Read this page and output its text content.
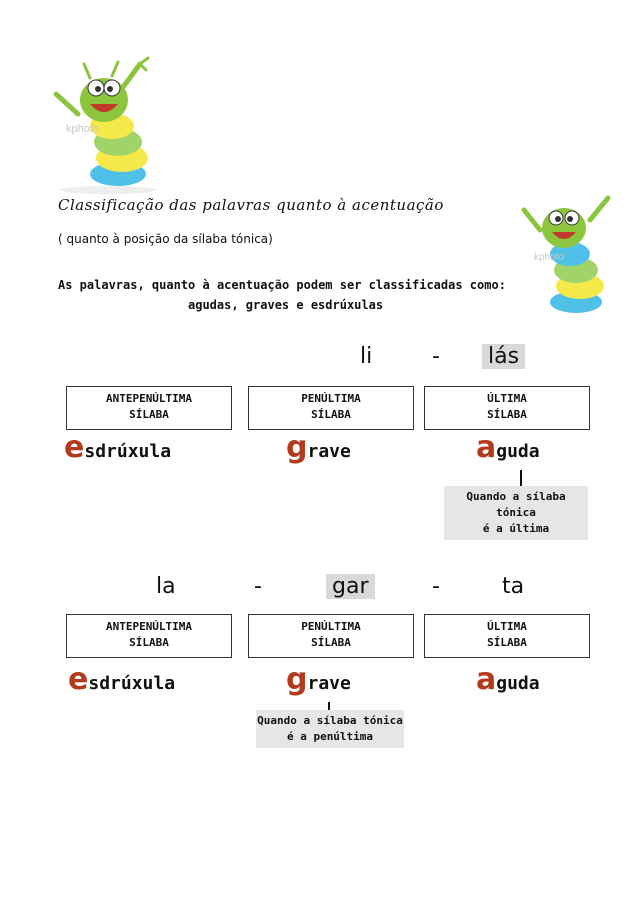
kphoto
kphoto
Classificação das palavras quanto à acentuação
( quanto à posição da sílaba tónica)
As palavras, quanto à acentuação podem ser classificadas como:
agudas, graves e esdrúxulas
li	- lás
ANTEPENÚLTIMA
SÍLABA
PENÚLTIMA
SÍLABA
ÚLTIMA
SÍLABA
esdrúxula	grave	aguda
Quando a sílaba tónica
é a última
la	-	gar	-	ta
ANTEPENÚLTIMA
SÍLABA
PENÚLTIMA
SÍLABA
ÚLTIMA
SÍLABA
esdrúxula	grave	aguda
Quando a sílaba tónica
é a penúltima
